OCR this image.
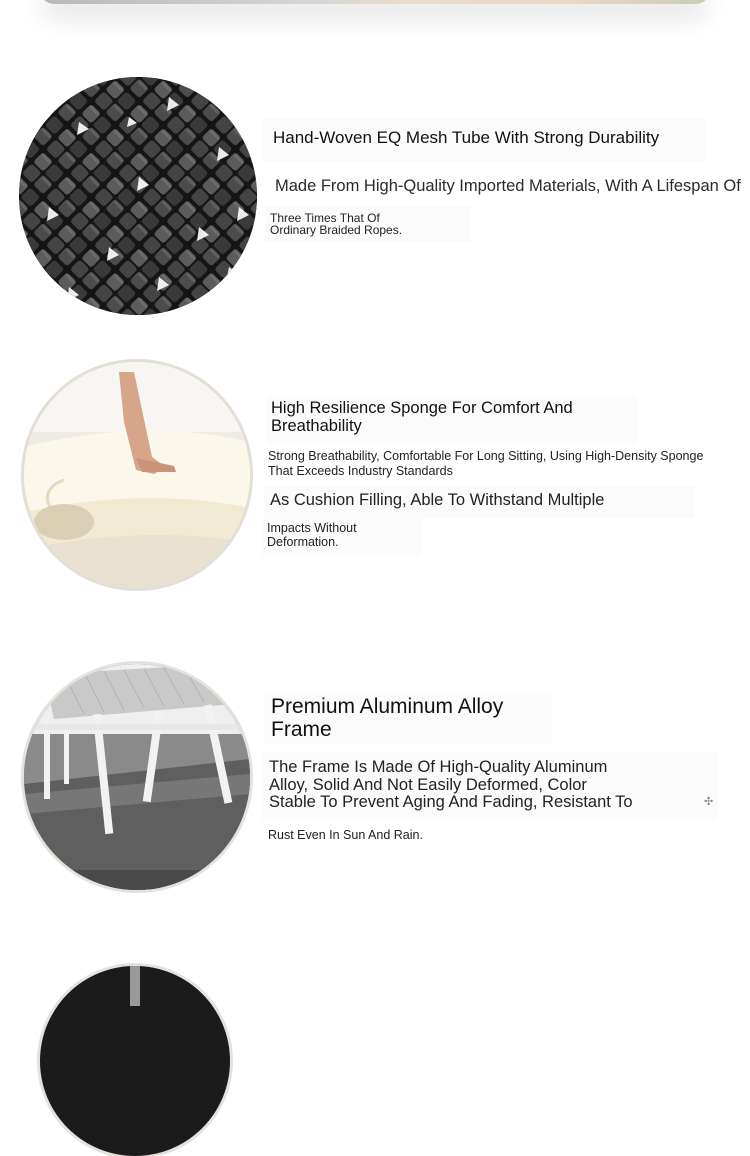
Hand-Woven EQ Mesh Tube With Strong Durability
Made From High-Quality Imported Materials, With A Lifespan Of
Three Times That Of
Ordinary Braided Ropes.
High Resilience Sponge For Comfort And
Breathability
Strong Breathability, Comfortable For Long Sitting, Using High-Density Sponge
That Exceeds Industry Standards
As Cushion Filling, Able To Withstand Multiple
Impacts Without
Deformation.
Premium Aluminum Alloy
Frame
The Frame Is Made Of High-Quality Aluminum
Alloy, Solid And Not Easily Deformed, Color
Stable To Prevent Aging And Fading, Resistant To	✣
Rust Even In Sun And Rain.
